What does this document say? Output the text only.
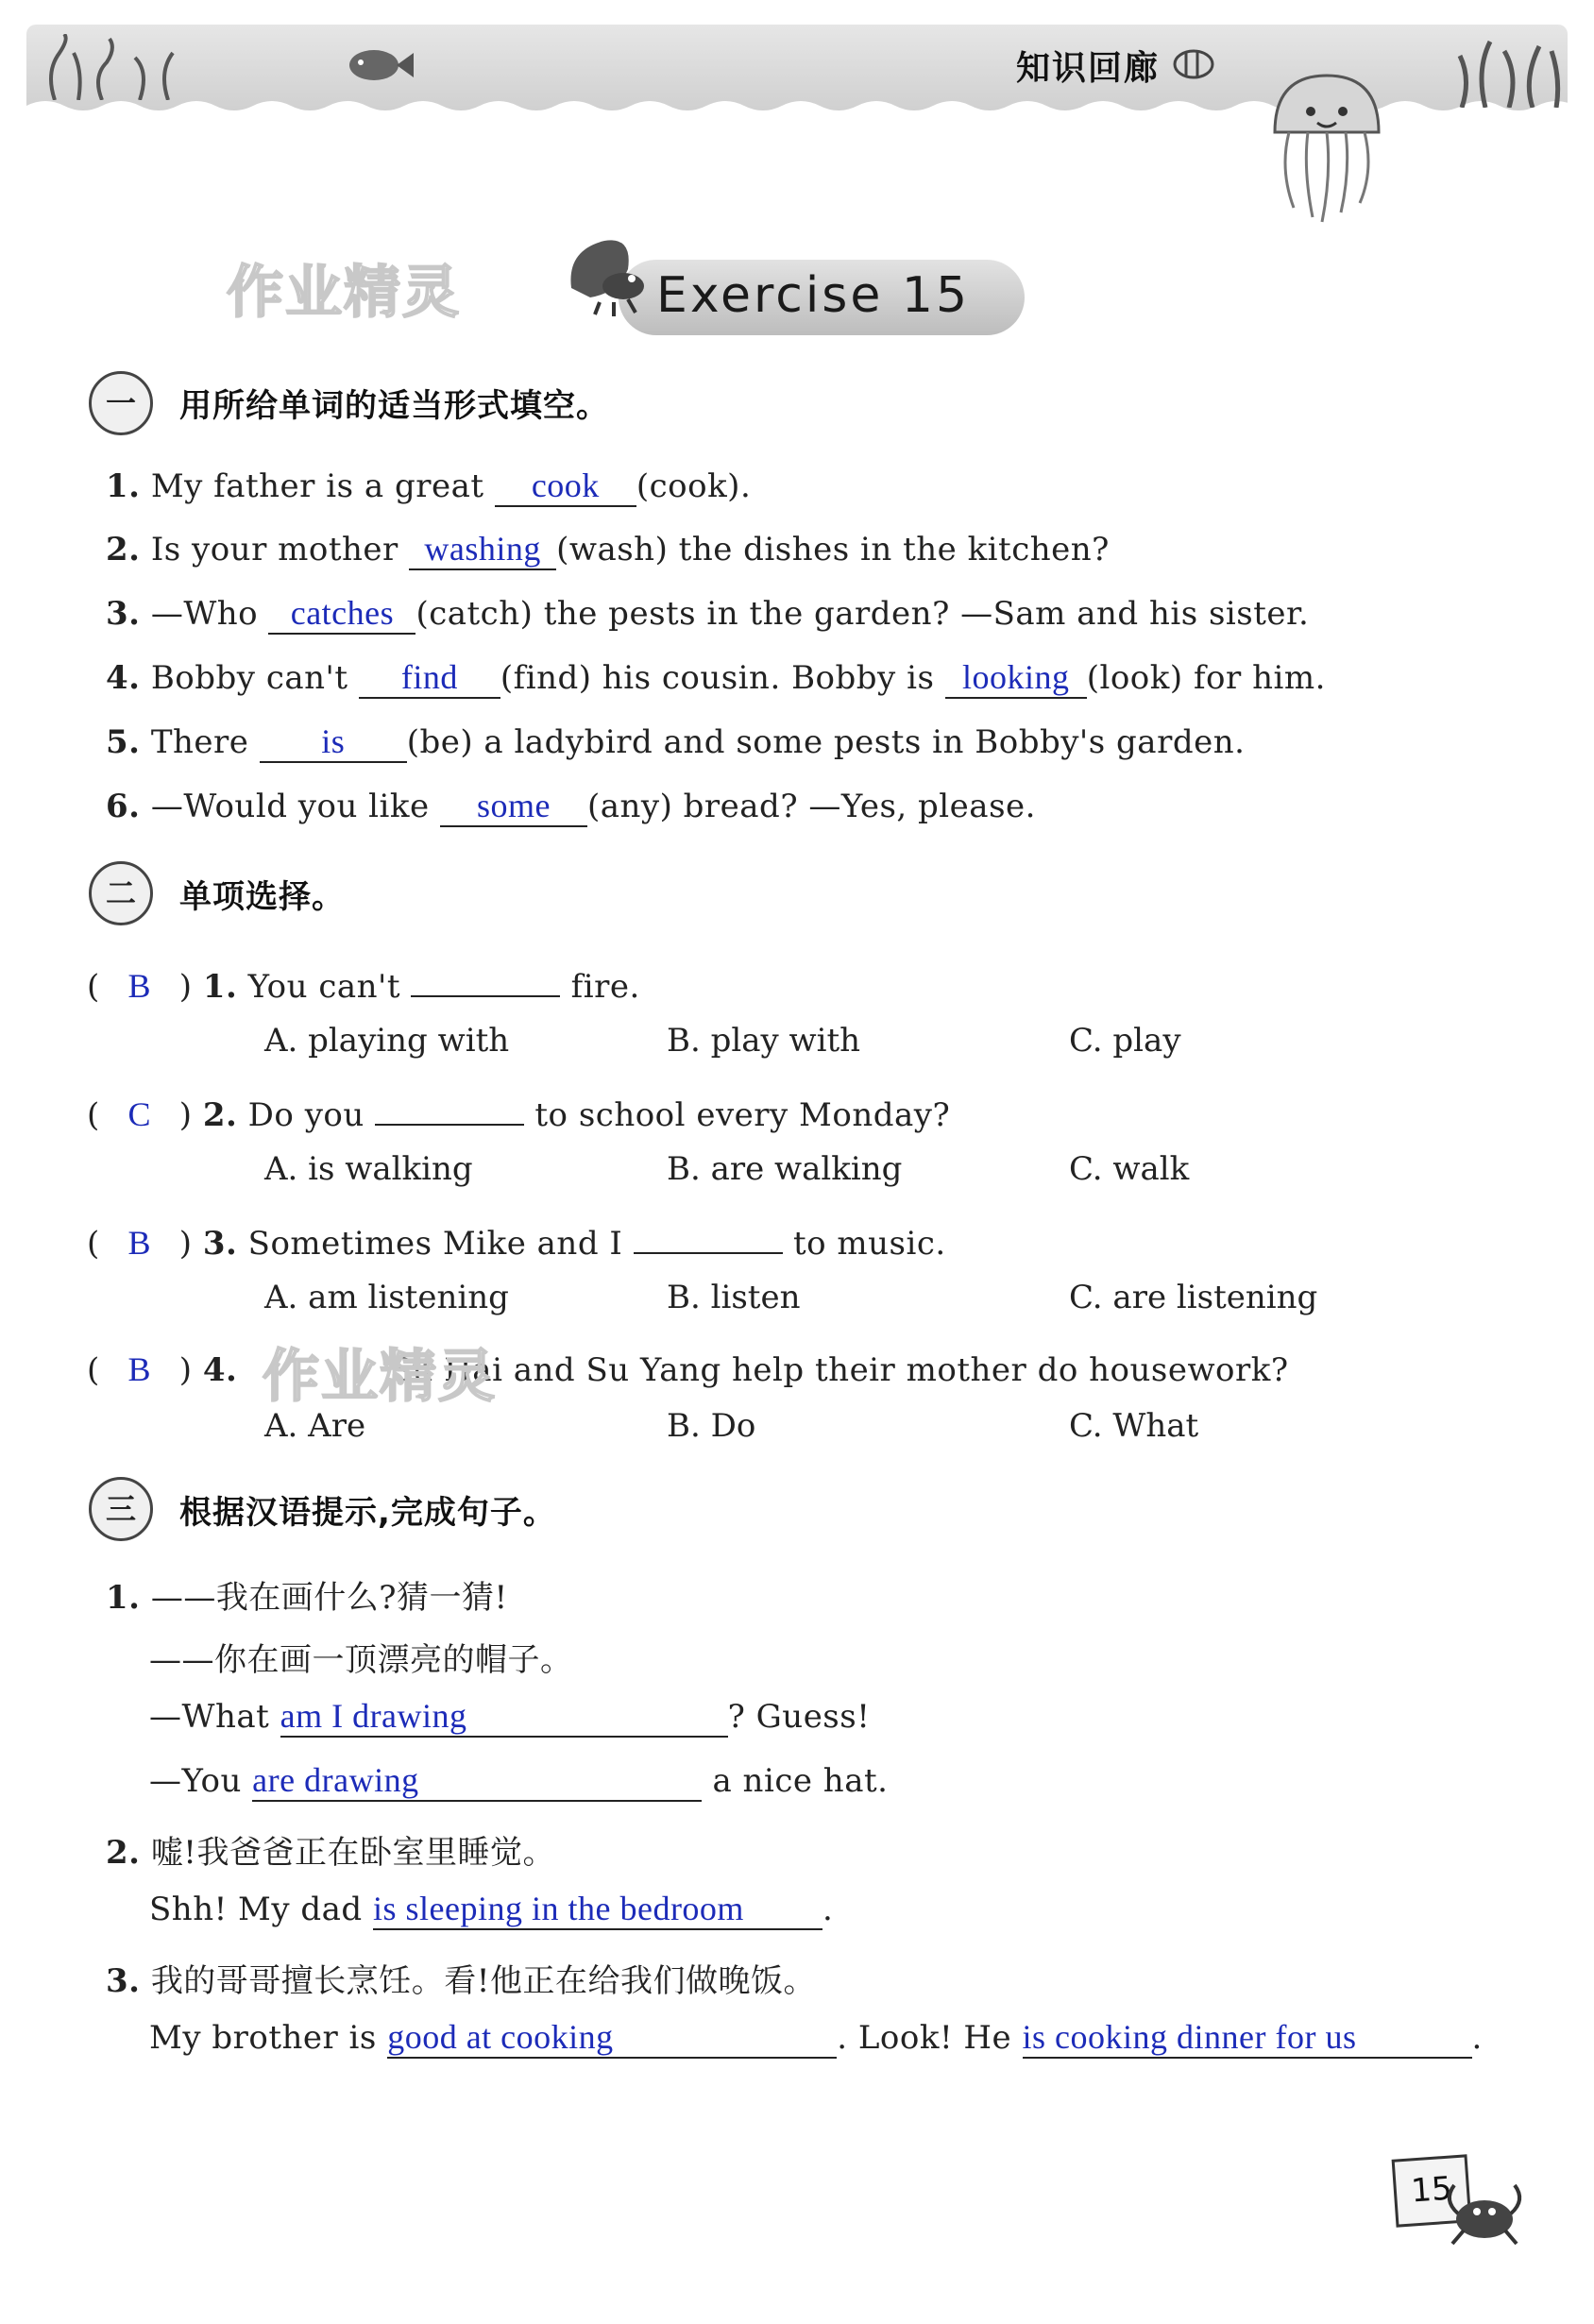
知识回廊
作业精灵	Exercise 15
一	用所给单词的适当形式填空。
1. My father is a great cook (cook).
2. Is your mother washing (wash) the dishes in the kitchen?
3. —Who catches (catch) the pests in the garden? —Sam and his sister.
4. Bobby can't find (find) his cousin. Bobby is looking (look) for him.
5. There is (be) a ladybird and some pests in Bobby's garden.
6. —Would you like some (any) bread? —Yes, please.
二	单项选择。
( B ) 1. You can't	fire.
A. playing with	B. play with	C. play
( C ) 2. Do you	to school every Monday?
A. is walking	B. are walking	C. walk
( B ) 3. Sometimes Mike and I	to music.
A. am listening	B. listen	C. are listening
( B ) 4.	Su Hai and Su Yang help their mother do housework?
作业精灵
A. Are	B. Do	C. What
三	根据汉语提示,完成句子。
1. ——我在画什么?猜一猜!
——你在画一顶漂亮的帽子。
—What am I drawing	? Guess!
—You are drawing	a nice hat.
2. 嘘!我爸爸正在卧室里睡觉。
Shh! My dad is sleeping in the bedroom .
3. 我的哥哥擅长烹饪。看!他正在给我们做晚饭。
My brother is good at cooking	. Look! He is cooking dinner for us	.
15
